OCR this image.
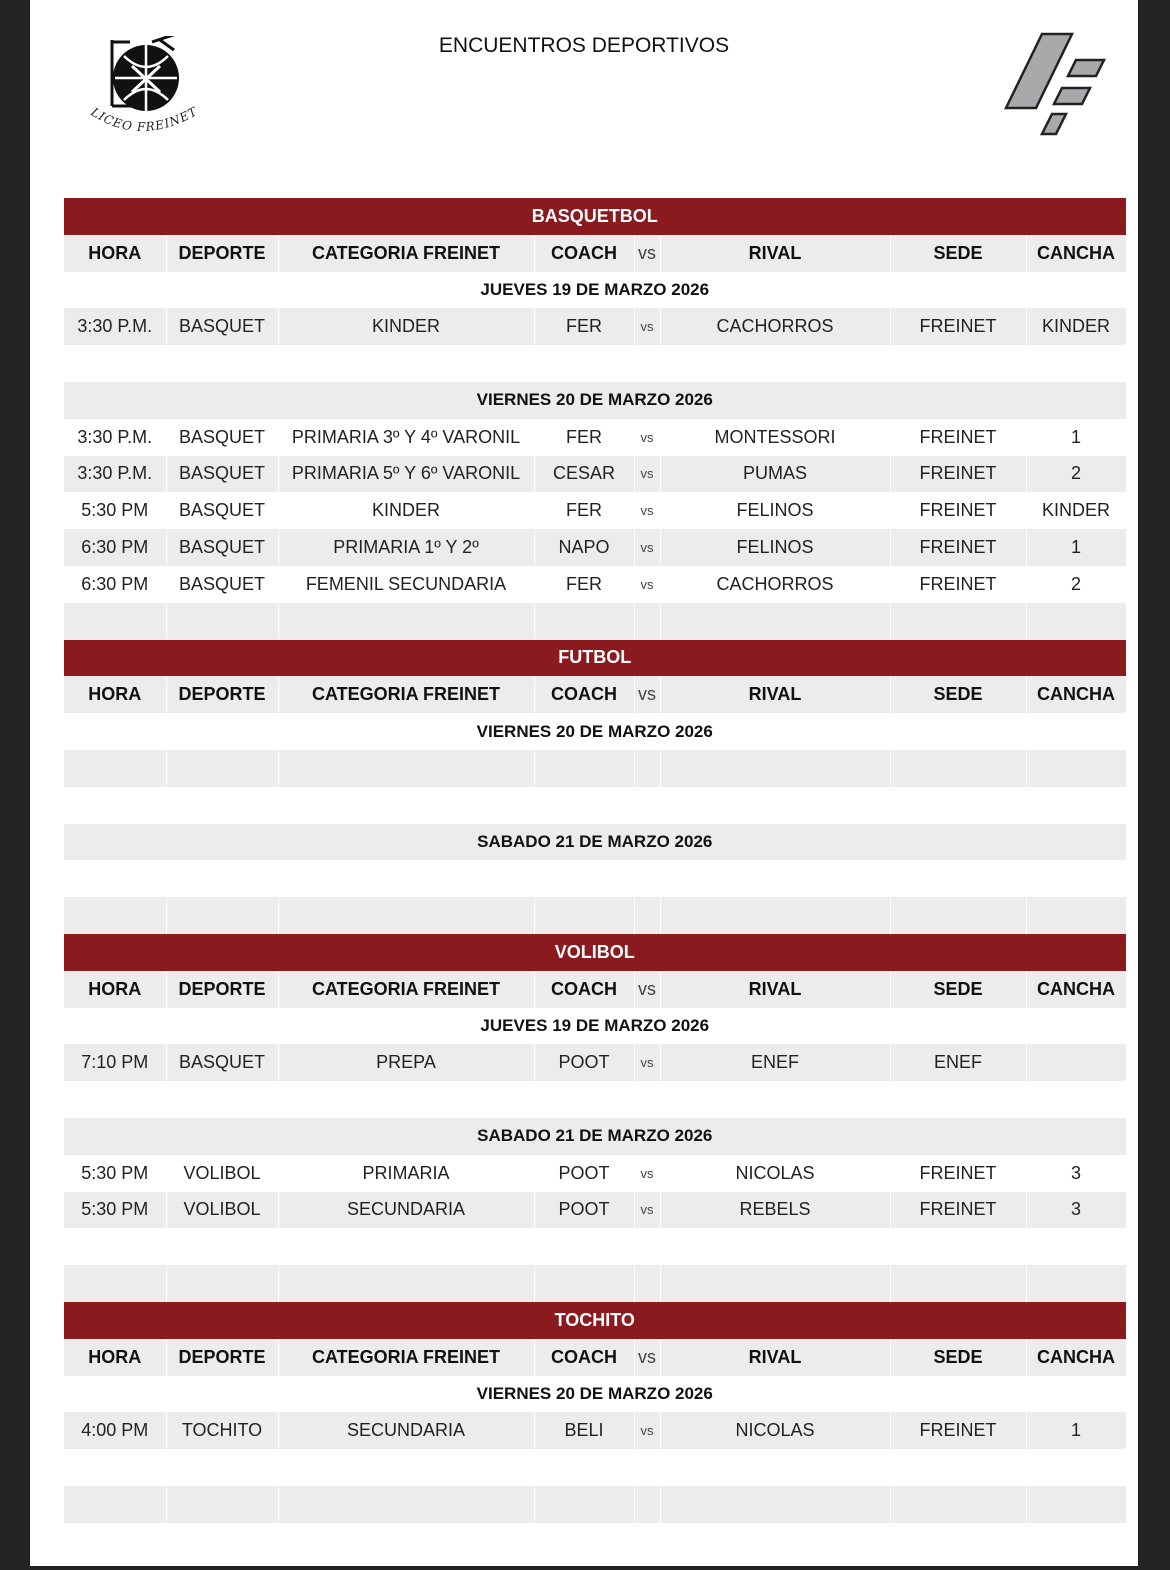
LICEO FREINET
ENCUENTROS DEPORTIVOS
BASQUETBOL							
HORA	DEPORTE	CATEGORIA FREINET	COACH	vs	RIVAL	SEDE	CANCHA
JUEVES 19 DE MARZO 2026							
3:30 P.M.	BASQUET	KINDER	FER	vs	CACHORROS	FREINET	KINDER

VIERNES 20 DE MARZO 2026							
3:30 P.M.	BASQUET	PRIMARIA 3º Y 4º VARONIL	FER	vs	MONTESSORI	FREINET	1
3:30 P.M.	BASQUET	PRIMARIA 5º Y 6º VARONIL	CESAR	vs	PUMAS	FREINET	2
5:30 PM	BASQUET	KINDER	FER	vs	FELINOS	FREINET	KINDER
6:30 PM	BASQUET	PRIMARIA 1º Y 2º	NAPO	vs	FELINOS	FREINET	1
6:30 PM	BASQUET	FEMENIL SECUNDARIA	FER	vs	CACHORROS	FREINET	2

FUTBOL							
HORA	DEPORTE	CATEGORIA FREINET	COACH	vs	RIVAL	SEDE	CANCHA
VIERNES 20 DE MARZO 2026							

SABADO 21 DE MARZO 2026							

VOLIBOL							
HORA	DEPORTE	CATEGORIA FREINET	COACH	vs	RIVAL	SEDE	CANCHA
JUEVES 19 DE MARZO 2026							
7:10 PM	BASQUET	PREPA	POOT	vs	ENEF	ENEF	

SABADO 21 DE MARZO 2026							
5:30 PM	VOLIBOL	PRIMARIA	POOT	vs	NICOLAS	FREINET	3
5:30 PM	VOLIBOL	SECUNDARIA	POOT	vs	REBELS	FREINET	3

TOCHITO							
HORA	DEPORTE	CATEGORIA FREINET	COACH	vs	RIVAL	SEDE	CANCHA
VIERNES 20 DE MARZO 2026							
4:00 PM	TOCHITO	SECUNDARIA	BELI	vs	NICOLAS	FREINET	1
